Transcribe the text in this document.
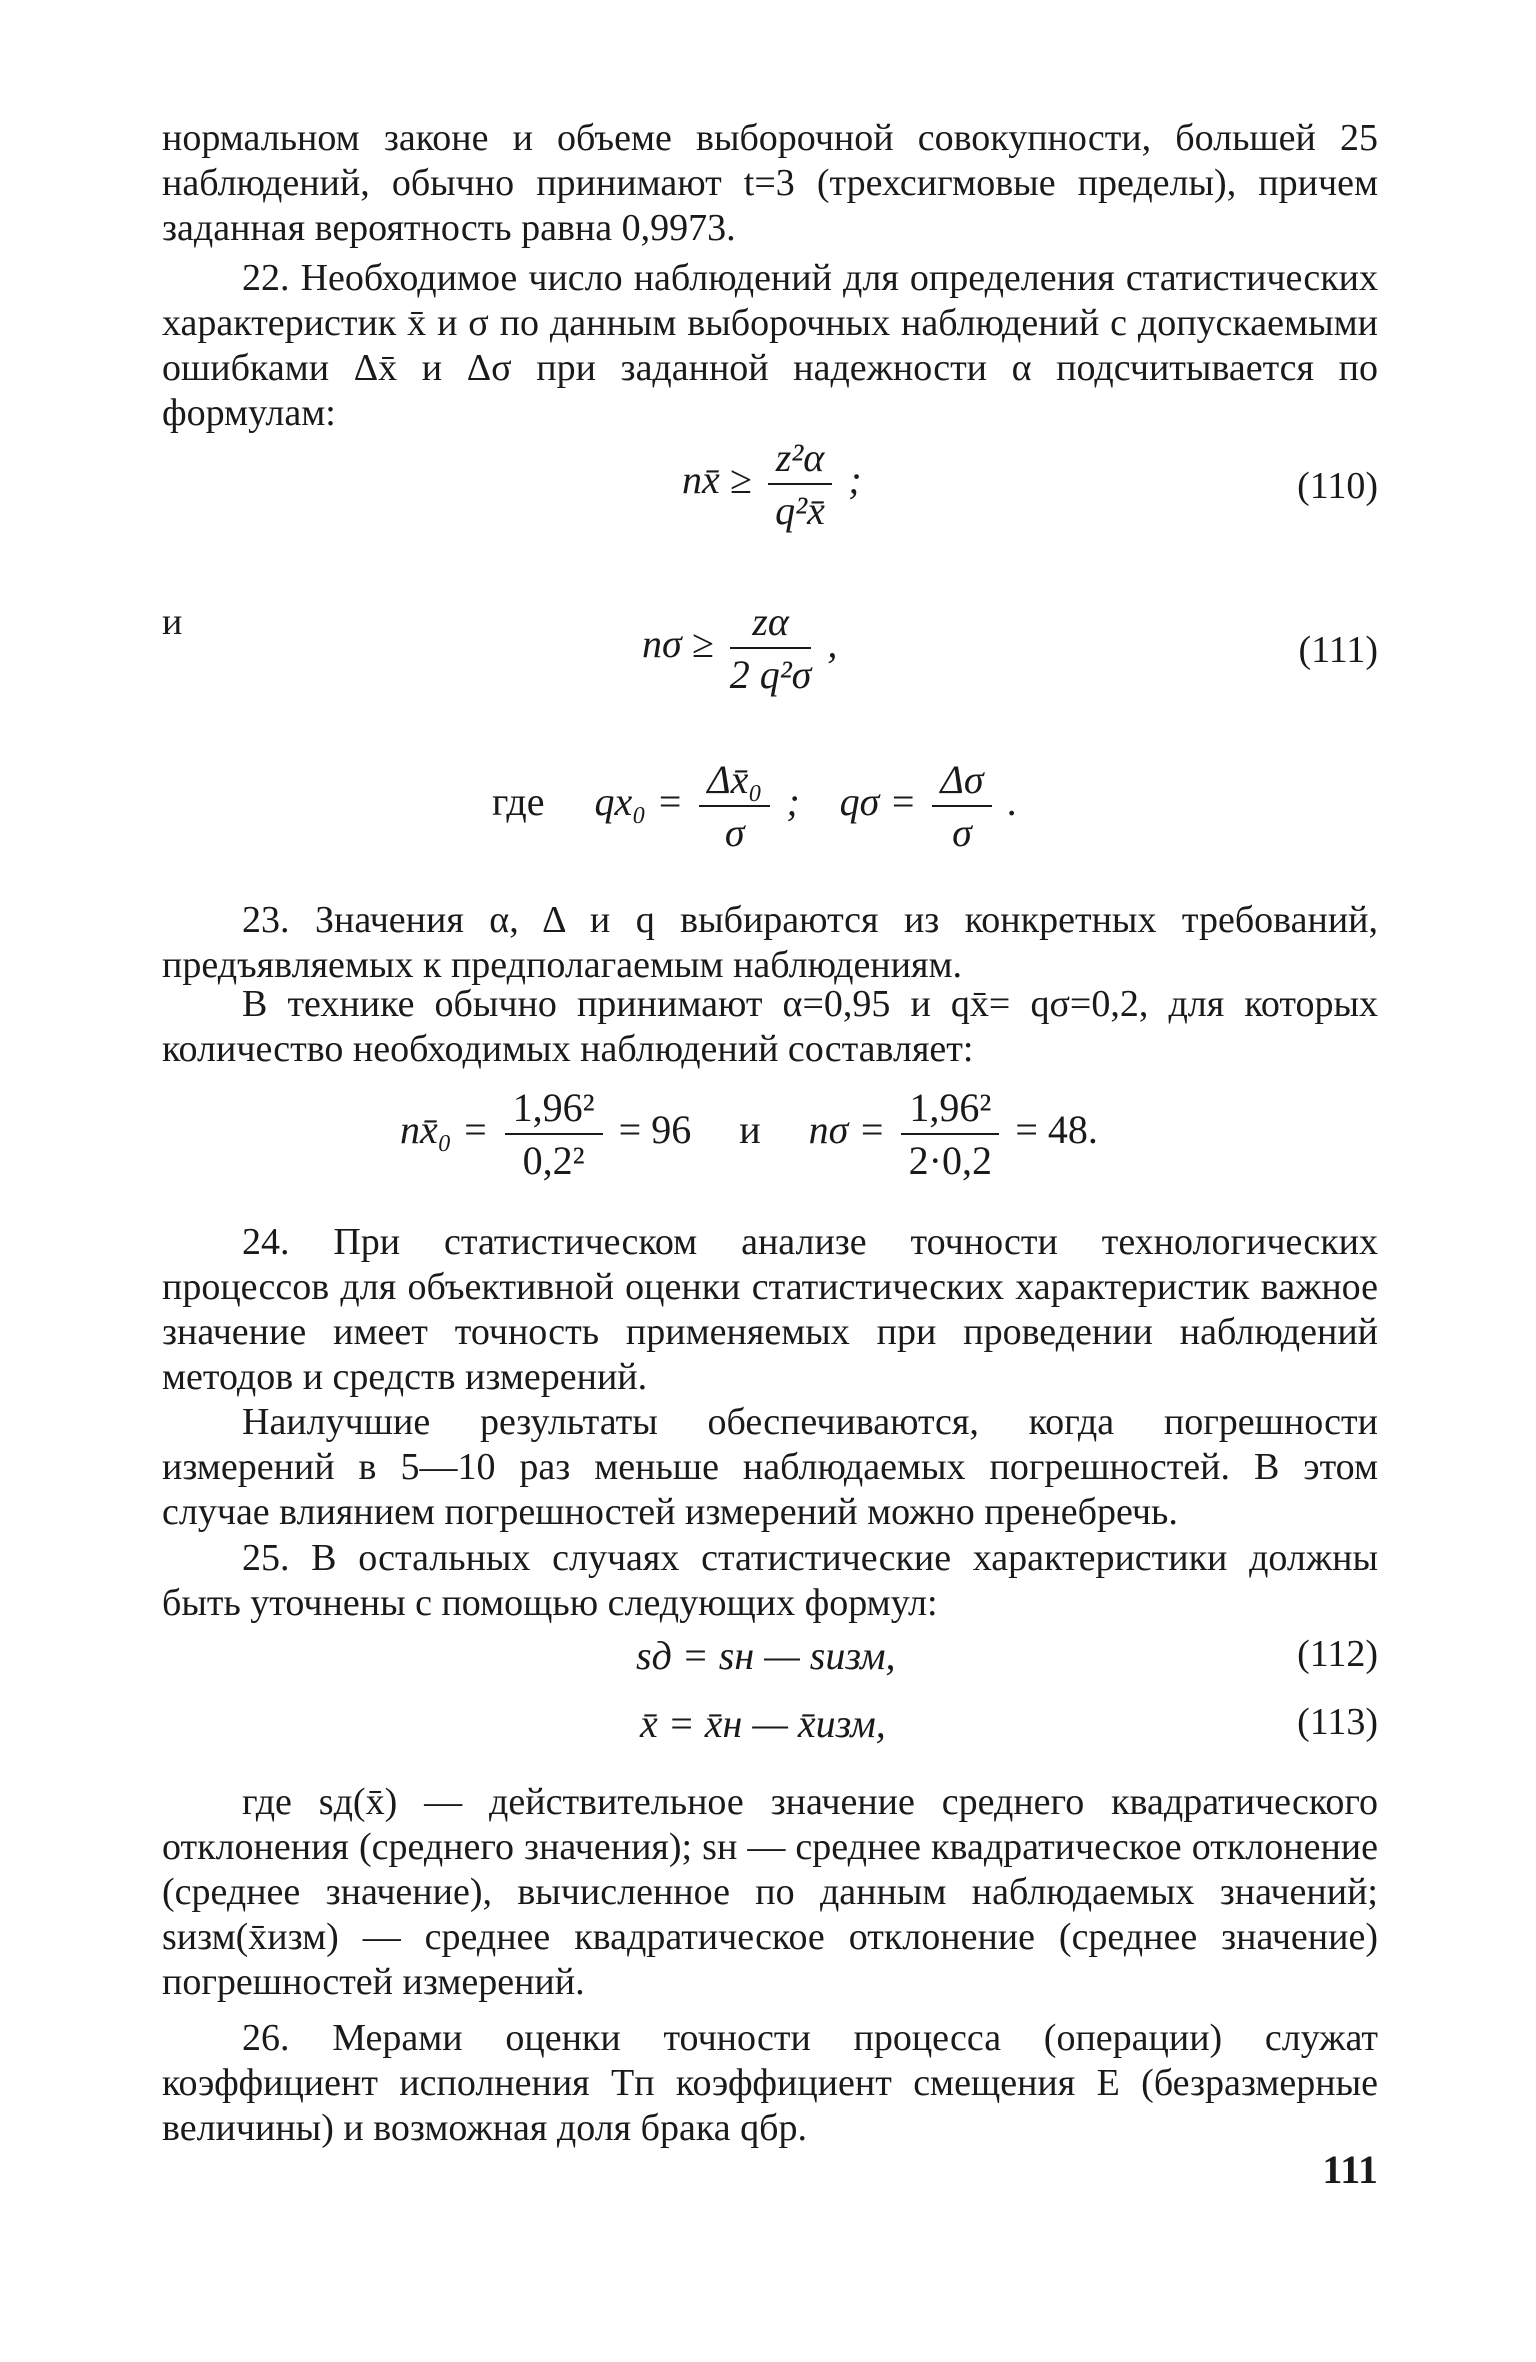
нормальном законе и объеме выборочной совокупности, большей 25 наблюдений, обычно принимают t=3 (трехсигмовые пределы), причем заданная вероятность равна 0,9973.

22. Необходимое число наблюдений для определения статистических характеристик x̄ и σ по данным выборочных наблюдений с допускаемыми ошибками Δx̄ и Δσ при заданной надежности α подсчитывается по формулам:

nx̄ ≥ $\frac{\text{z²α}}{\text{q²x̄}}$ ;	(110)
и	$n\sigma \ge \frac{z\alpha}{\text{2 q²σ}}$ ,	(111)
где $qx_0 = \frac{\text{Δx̄₀}}{\sigma}$ ; $q\sigma = \frac{\Delta\sigma}{\sigma}$ .

23. Значения α, Δ и q выбираются из конкретных требований, предъявляемых к предполагаемым наблюдениям.

В технике обычно принимают α=0,95 и qx̄= qσ=0,2, для которых количество необходимых наблюдений составляет:

nx̄₀ = $\frac{\text{1,96²}}{\text{0,2²}} = 96$ и $n\sigma = \frac{\text{1,96²}}{2\cdot 0,2} = 48$.

24. При статистическом анализе точности технологических процессов для объективной оценки статистических характеристик важное значение имеет точность применяемых при проведении наблюдений методов и средств измерений.

Наилучшие результаты обеспечиваются, когда погрешности измерений в 5—10 раз меньше наблюдаемых погрешностей. В этом случае влиянием погрешностей измерений можно пренебречь.

25. В остальных случаях статистические характеристики должны быть уточнены с помощью следующих формул:

sд = sн — sизм,	(112)
x̄ = x̄н — x̄изм,	(113)

где sд(x̄) — действительное значение среднего квадратического отклонения (среднего значения); sн — среднее квадратическое отклонение (среднее значение), вычисленное по данным наблюдаемых значений; sизм(x̄изм) — среднее квадратическое отклонение (среднее значение) погрешностей измерений.

26. Мерами оценки точности процесса (операции) служат коэффициент исполнения Tп коэффициент смещения E (безразмерные величины) и возможная доля брака qбр.

111
